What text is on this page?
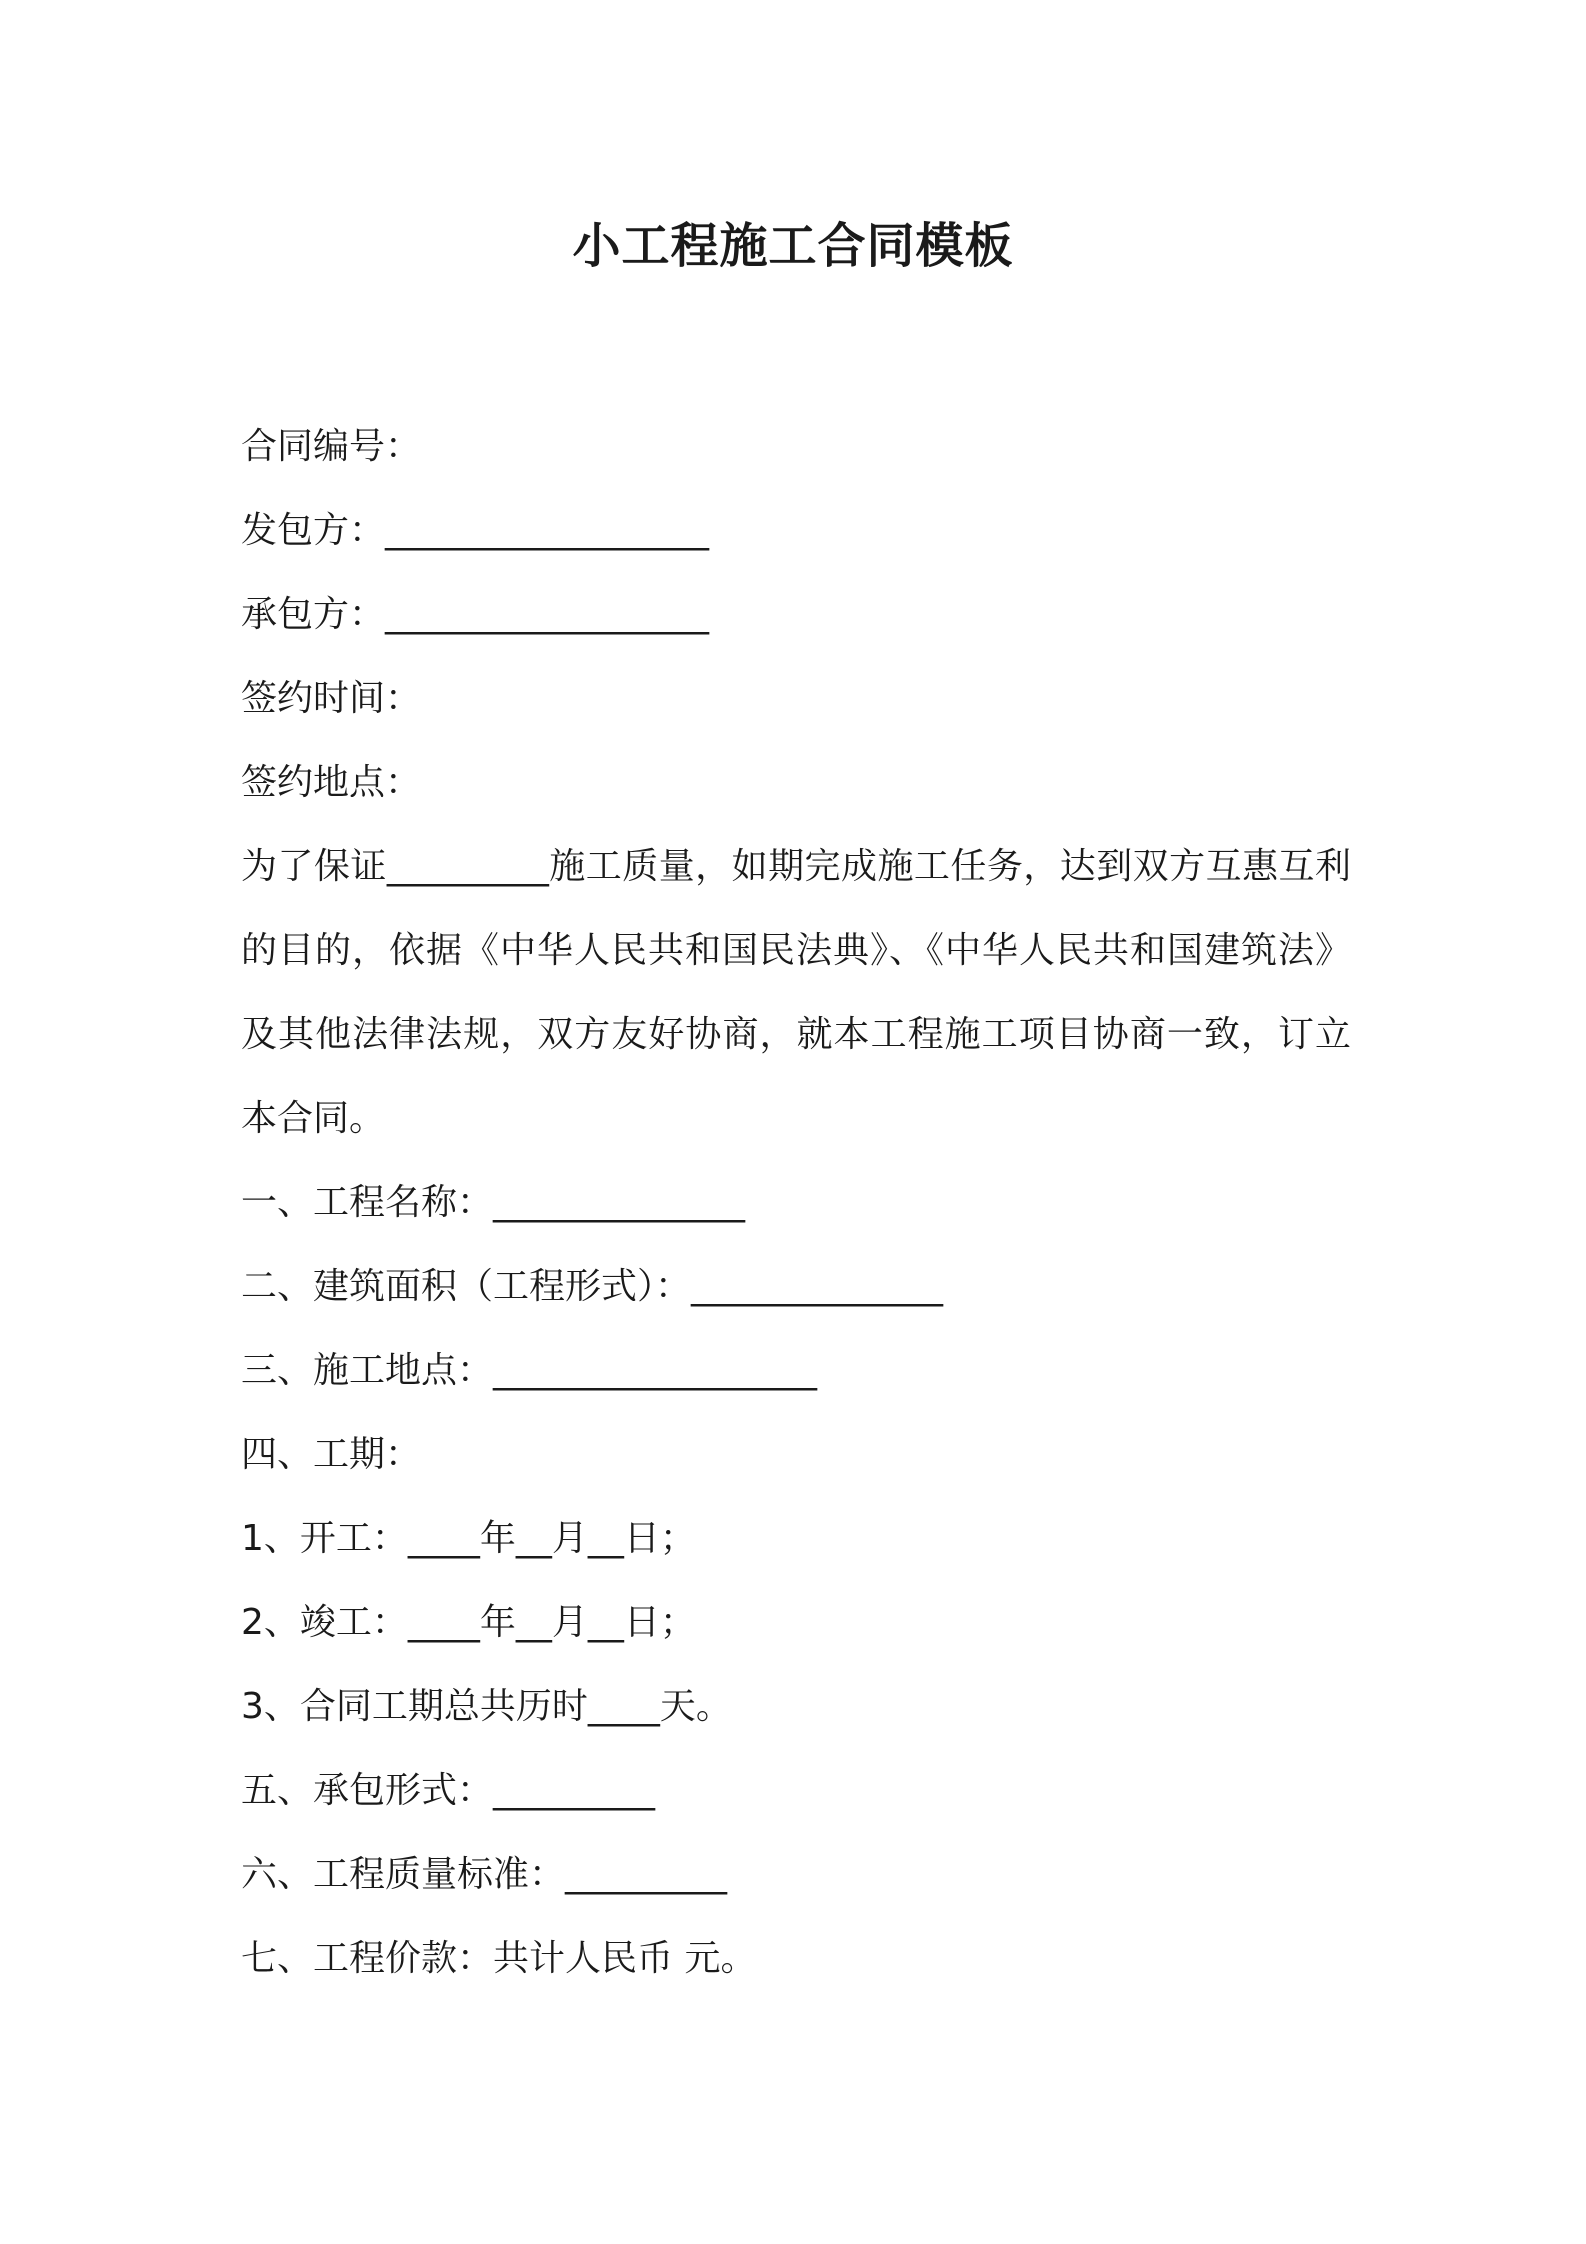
小工程施工合同模板

合同编号：

发包方：__________________

承包方：__________________

签约时间：

签约地点：

为了保证_________施工质量，如期完成施工任务，达到双方互惠互利的目的，依据《中华人民共和国民法典》、《中华人民共和国建筑法》及其他法律法规，双方友好协商，就本工程施工项目协商一致，订立本合同。

一、工程名称：______________

二、建筑面积（工程形式）：______________

三、施工地点：__________________

四、工期：

1、开工：____年__月__日；

2、竣工：____年__月__日；

3、合同工期总共历时____天。

五、承包形式：_________

六、工程质量标准：_________

七、工程价款：共计人民币 元。
